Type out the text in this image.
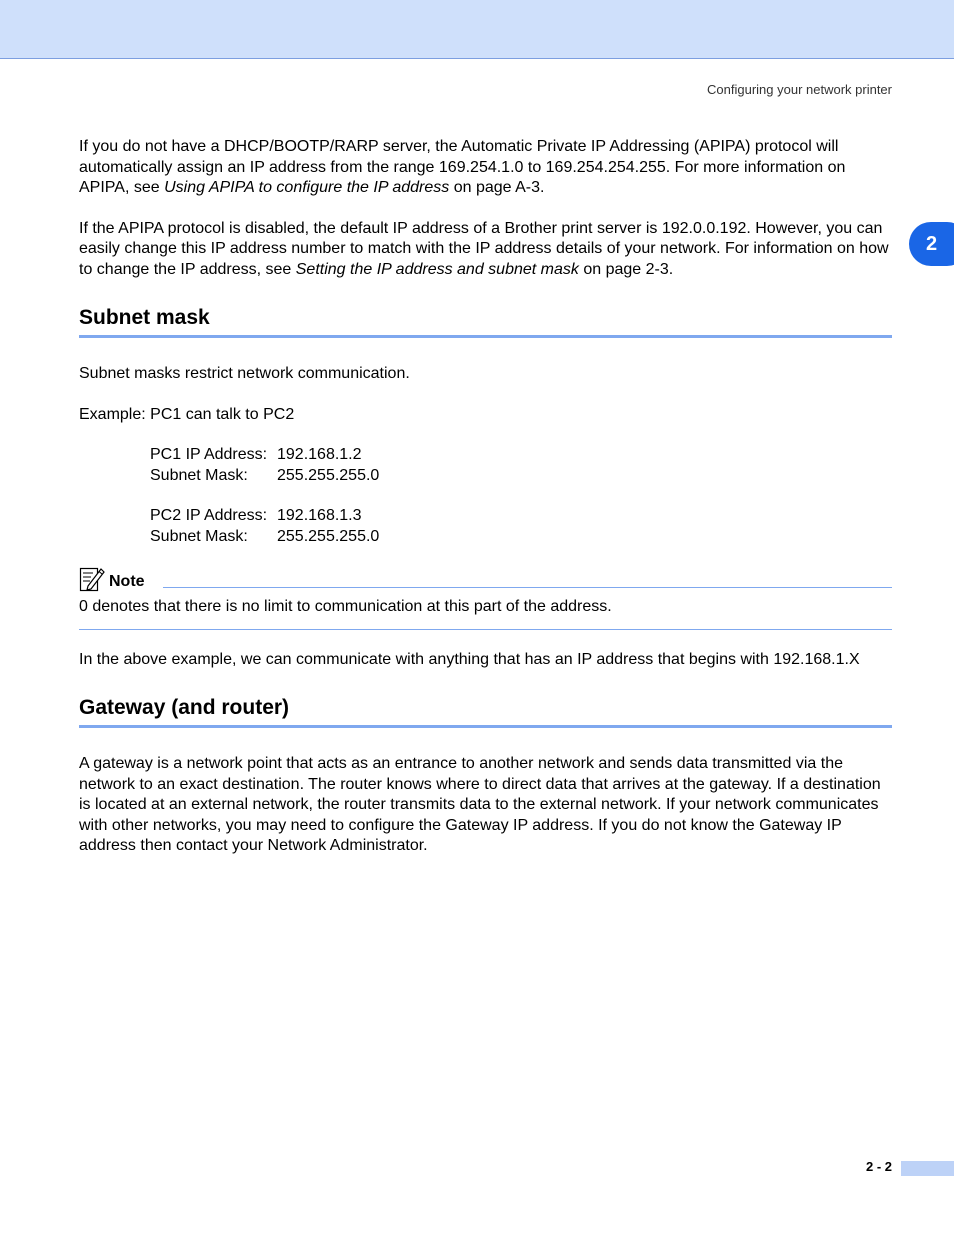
Configuring your network printer
2

If you do not have a DHCP/BOOTP/RARP server, the Automatic Private IP Addressing (APIPA) protocol will automatically assign an IP address from the range 169.254.1.0 to 169.254.254.255. For more information on APIPA, see Using APIPA to configure the IP address on page A-3.

If the APIPA protocol is disabled, the default IP address of a Brother print server is 192.0.0.192. However, you can easily change this IP address number to match with the IP address details of your network. For information on how to change the IP address, see Setting the IP address and subnet mask on page 2-3.

Subnet mask

Subnet masks restrict network communication.

Example: PC1 can talk to PC2

PC1 IP Address: 192.168.1.2
Subnet Mask:	255.255.255.0
PC2 IP Address: 192.168.1.3
Subnet Mask:	255.255.255.0
Note

0 denotes that there is no limit to communication at this part of the address.

In the above example, we can communicate with anything that has an IP address that begins with 192.168.1.X

Gateway (and router)

A gateway is a network point that acts as an entrance to another network and sends data transmitted via the network to an exact destination. The router knows where to direct data that arrives at the gateway. If a destination is located at an external network, the router transmits data to the external network. If your network communicates with other networks, you may need to configure the Gateway IP address. If you do not know the Gateway IP address then contact your Network Administrator.

2 - 2
